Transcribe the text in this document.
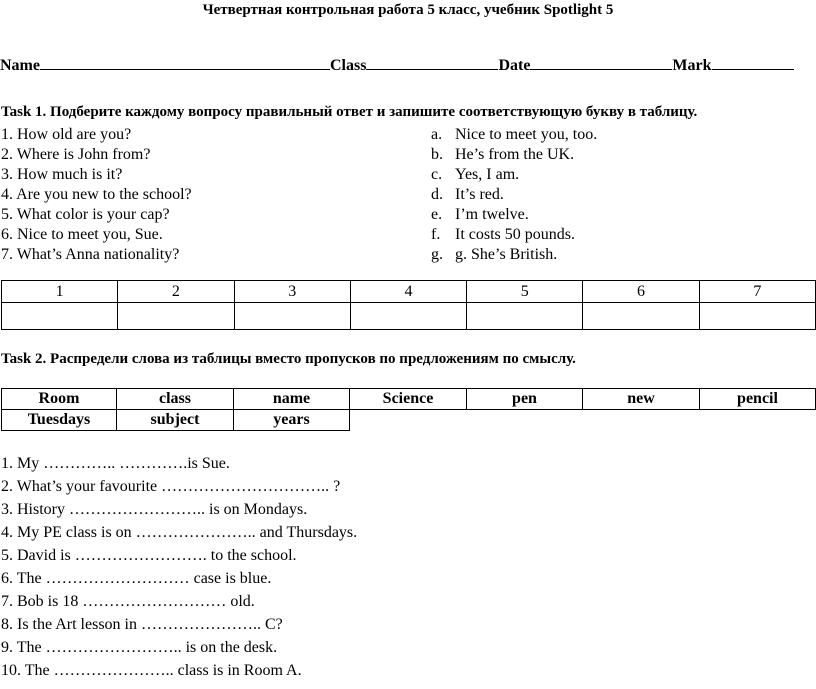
Четвертная контрольная работа 5 класс, учебник Spotlight 5
Name	Class	Date	Mark
Task 1. Подберите каждому вопросу правильный ответ и запишите соответствующую букву в таблицу.
1. How old are you?
2. Where is John from?
3. How much is it?
4. Are you new to the school?
5. What color is your cap?
6. Nice to meet you, Sue.
7. What’s Anna nationality?
a. Nice to meet you, too.
b. He’s from the UK.
c. Yes, I am.
d. It’s red.
e. I’m twelve.
f. It costs 50 pounds.
g. g. She’s British.
1	2	3	4	5	6	7

Task 2. Распредели слова из таблицы вместо пропусков по предложениям по смыслу.
Room	class	name	Science	pen	new	pencil
Tuesdays	subject	years				
1. My ………….. ………….is Sue.
2. What’s your favourite ………………………….. ?
3. History …………………….. is on Mondays.
4. My PE class is on ………………….. and Thursdays.
5. David is ……………………. to the school.
6. The ……………………… case is blue.
7. Bob is 18 ……………………… old.
8. Is the Art lesson in ………………….. C?
9. The …………………….. is on the desk.
10. The ………………….. class is in Room A.
